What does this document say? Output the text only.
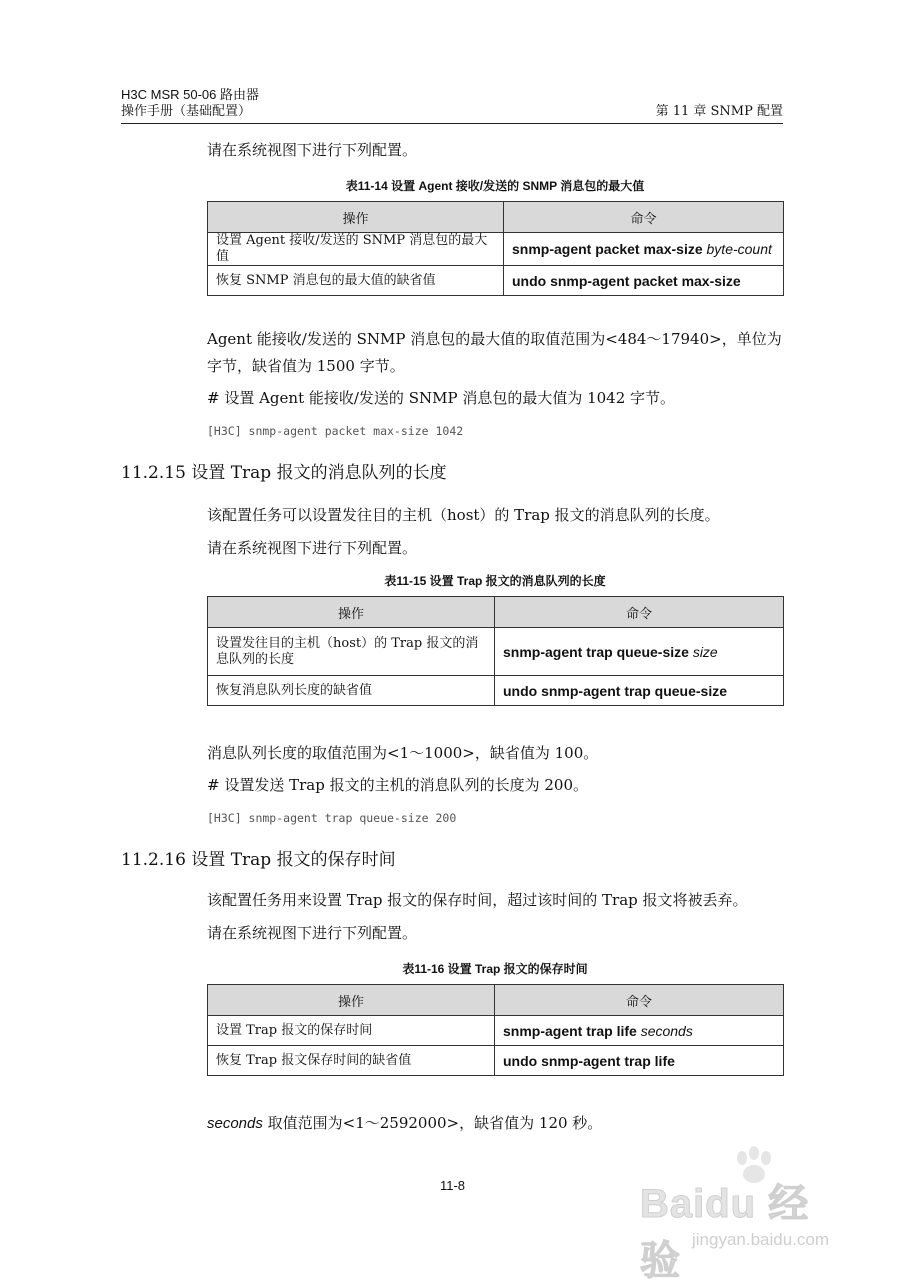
H3C MSR 50-06 路由器
操作手册（基础配置）	第 11 章 SNMP 配置
请在系统视图下进行下列配置。
表11-14 设置 Agent 接收/发送的 SNMP 消息包的最大值
操作	命令
设置 Agent 接收/发送的 SNMP 消息包的最大值	snmp-agent packet max-size byte-count
恢复 SNMP 消息包的最大值的缺省值	undo snmp-agent packet max-size
Agent 能接收/发送的 SNMP 消息包的最大值的取值范围为<484～17940>，单位为
字节，缺省值为 1500 字节。
# 设置 Agent 能接收/发送的 SNMP 消息包的最大值为 1042 字节。
[H3C] snmp-agent packet max-size 1042
11.2.15 设置 Trap 报文的消息队列的长度
该配置任务可以设置发往目的主机（host）的 Trap 报文的消息队列的长度。
请在系统视图下进行下列配置。
表11-15 设置 Trap 报文的消息队列的长度
操作	命令
设置发往目的主机（host）的 Trap 报文的消息队列的长度	snmp-agent trap queue-size size
恢复消息队列长度的缺省值	undo snmp-agent trap queue-size
消息队列长度的取值范围为<1～1000>，缺省值为 100。
# 设置发送 Trap 报文的主机的消息队列的长度为 200。
[H3C] snmp-agent trap queue-size 200
11.2.16 设置 Trap 报文的保存时间
该配置任务用来设置 Trap 报文的保存时间，超过该时间的 Trap 报文将被丢弃。
请在系统视图下进行下列配置。
表11-16 设置 Trap 报文的保存时间
操作	命令
设置 Trap 报文的保存时间	snmp-agent trap life seconds
恢复 Trap 报文保存时间的缺省值	undo snmp-agent trap life
seconds 取值范围为<1～2592000>，缺省值为 120 秒。
11-8	Baidu 经验 jingyan.baidu.com
